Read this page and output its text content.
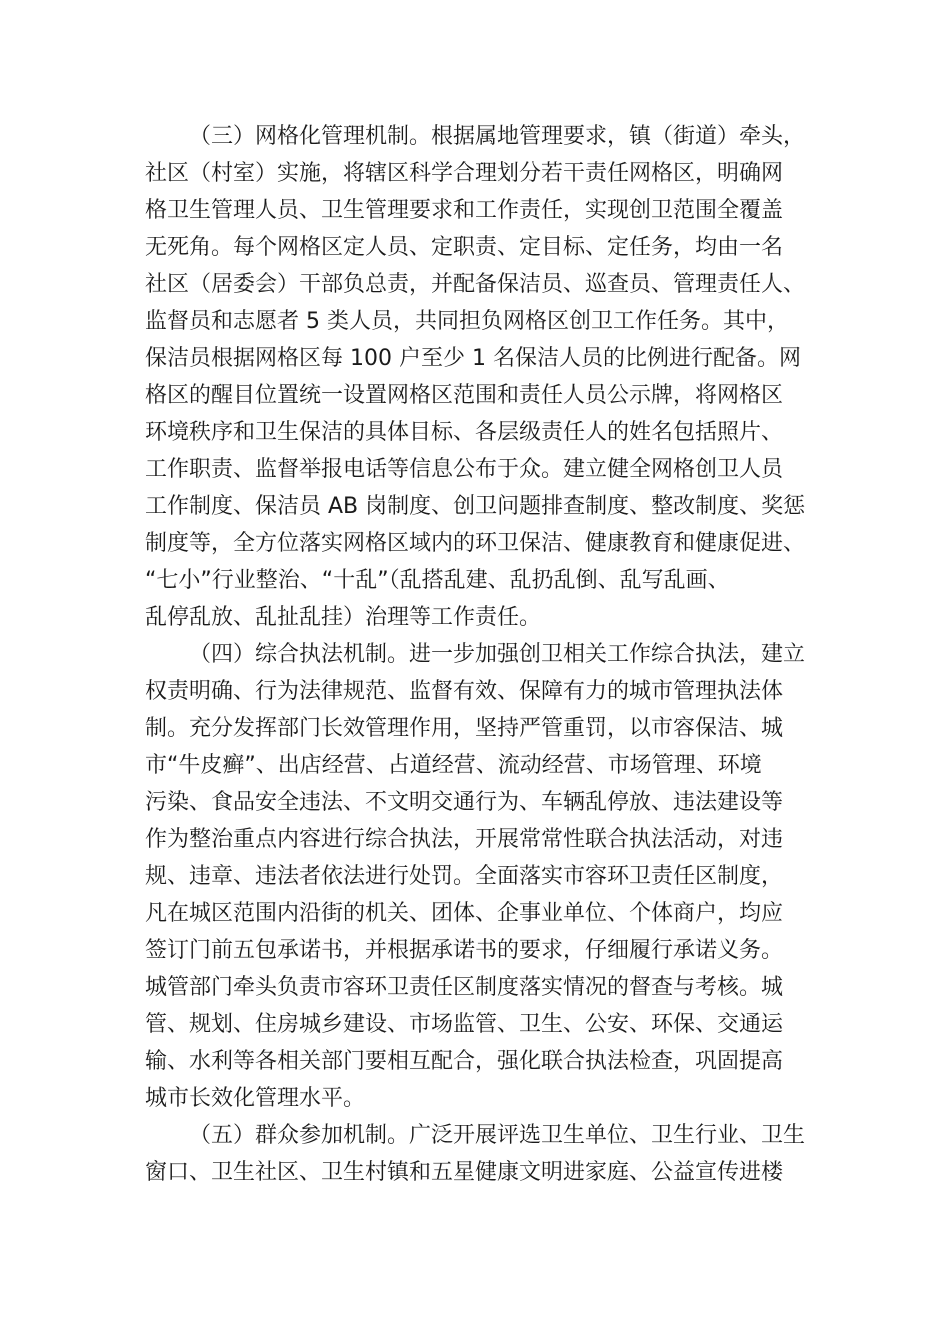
（三）网格化管理机制。根据属地管理要求，镇（街道）牵头，
社区（村室）实施，将辖区科学合理划分若干责任网格区，明确网
格卫生管理人员、卫生管理要求和工作责任，实现创卫范围全覆盖
无死角。每个网格区定人员、定职责、定目标、定任务，均由一名
社区（居委会）干部负总责，并配备保洁员、巡查员、管理责任人、
监督员和志愿者 5 类人员，共同担负网格区创卫工作任务。其中，
保洁员根据网格区每 100 户至少 1 名保洁人员的比例进行配备。网
格区的醒目位置统一设置网格区范围和责任人员公示牌，将网格区
环境秩序和卫生保洁的具体目标、各层级责任人的姓名包括照片、
工作职责、监督举报电话等信息公布于众。建立健全网格创卫人员
工作制度、保洁员 AB 岗制度、创卫问题排查制度、整改制度、奖惩
制度等，全方位落实网格区域内的环卫保洁、健康教育和健康促进、
“七小”行业整治、“十乱”（乱搭乱建、乱扔乱倒、乱写乱画、
乱停乱放、乱扯乱挂）治理等工作责任。
（四）综合执法机制。进一步加强创卫相关工作综合执法，建立
权责明确、行为法律规范、监督有效、保障有力的城市管理执法体
制。充分发挥部门长效管理作用，坚持严管重罚，以市容保洁、城
市“牛皮癣”、出店经营、占道经营、流动经营、市场管理、环境
污染、食品安全违法、不文明交通行为、车辆乱停放、违法建设等
作为整治重点内容进行综合执法，开展常常性联合执法活动，对违
规、违章、违法者依法进行处罚。全面落实市容环卫责任区制度，
凡在城区范围内沿街的机关、团体、企事业单位、个体商户，均应
签订门前五包承诺书，并根据承诺书的要求，仔细履行承诺义务。
城管部门牵头负责市容环卫责任区制度落实情况的督查与考核。城
管、规划、住房城乡建设、市场监管、卫生、公安、环保、交通运
输、水利等各相关部门要相互配合，强化联合执法检查，巩固提高
城市长效化管理水平。
（五）群众参加机制。广泛开展评选卫生单位、卫生行业、卫生
窗口、卫生社区、卫生村镇和五星健康文明进家庭、公益宣传进楼
